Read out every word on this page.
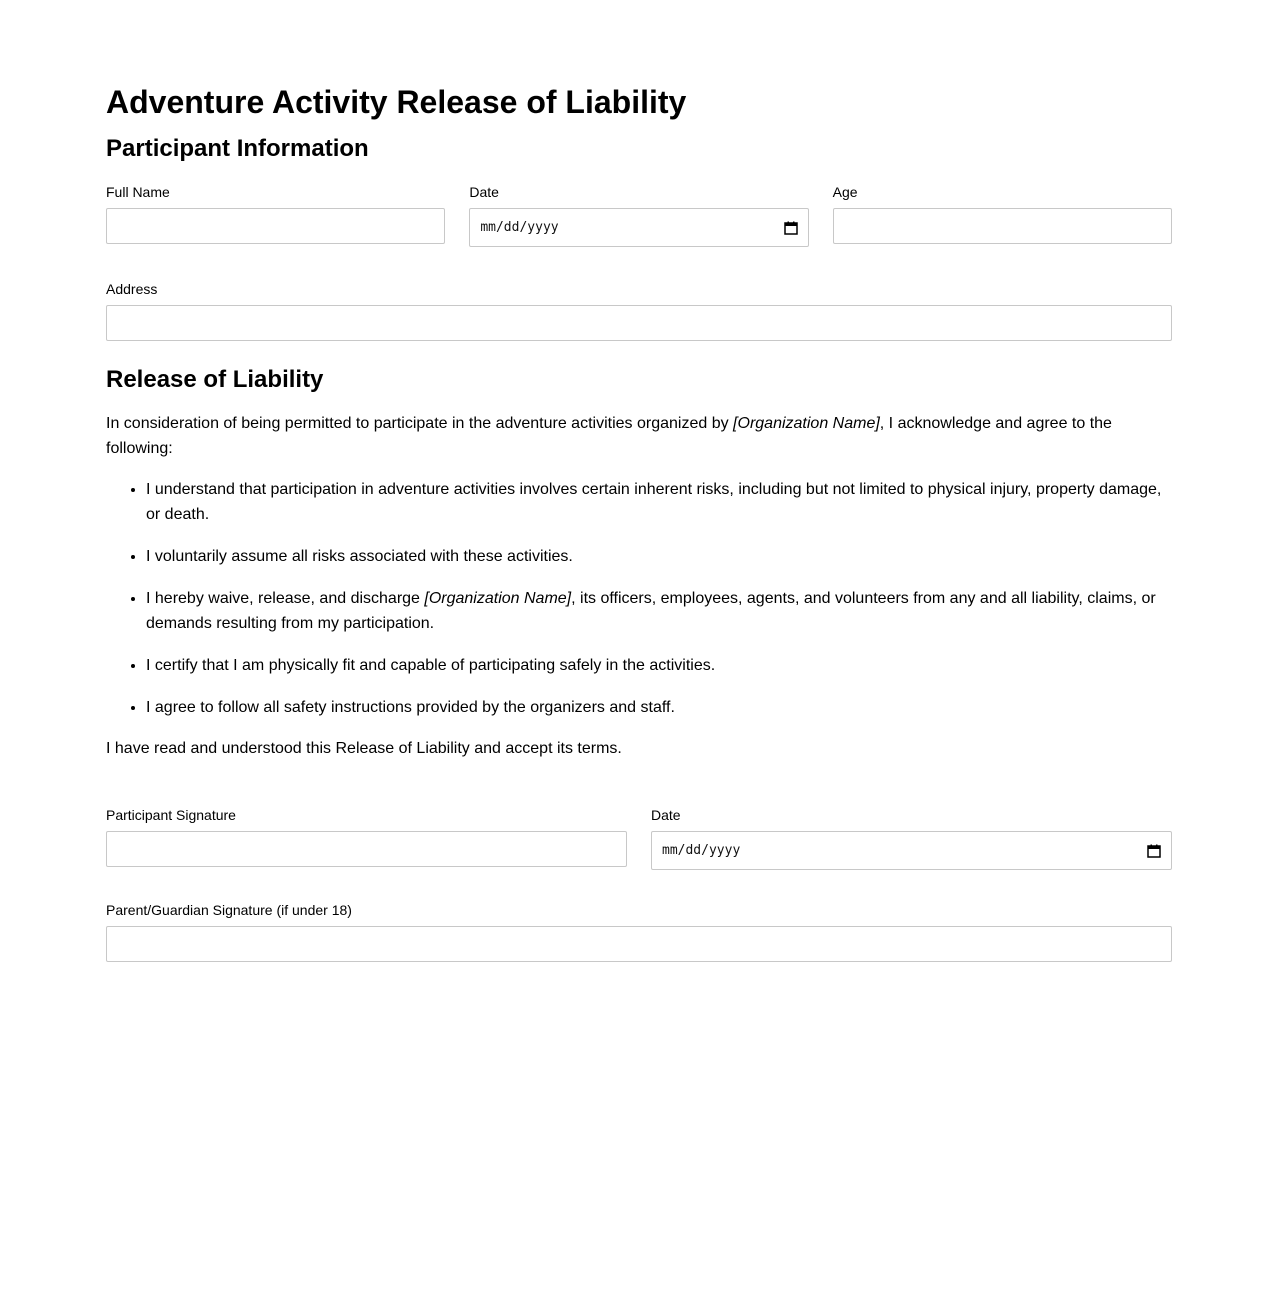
Adventure Activity Release of Liability
Participant Information
Full Name	Date
mm/dd/yyyy
Age
Address
Release of Liability

In consideration of being permitted to participate in the adventure activities organized by [Organization Name], I acknowledge and agree to the following:

• I understand that participation in adventure activities involves certain inherent risks, including but not limited to physical injury, property damage, or death.
• I voluntarily assume all risks associated with these activities.
• I hereby waive, release, and discharge [Organization Name], its officers, employees, agents, and volunteers from any and all liability, claims, or demands resulting from my participation.
• I certify that I am physically fit and capable of participating safely in the activities.
• I agree to follow all safety instructions provided by the organizers and staff.

I have read and understood this Release of Liability and accept its terms.

Participant Signature	Date
mm/dd/yyyy
Parent/Guardian Signature (if under 18)
